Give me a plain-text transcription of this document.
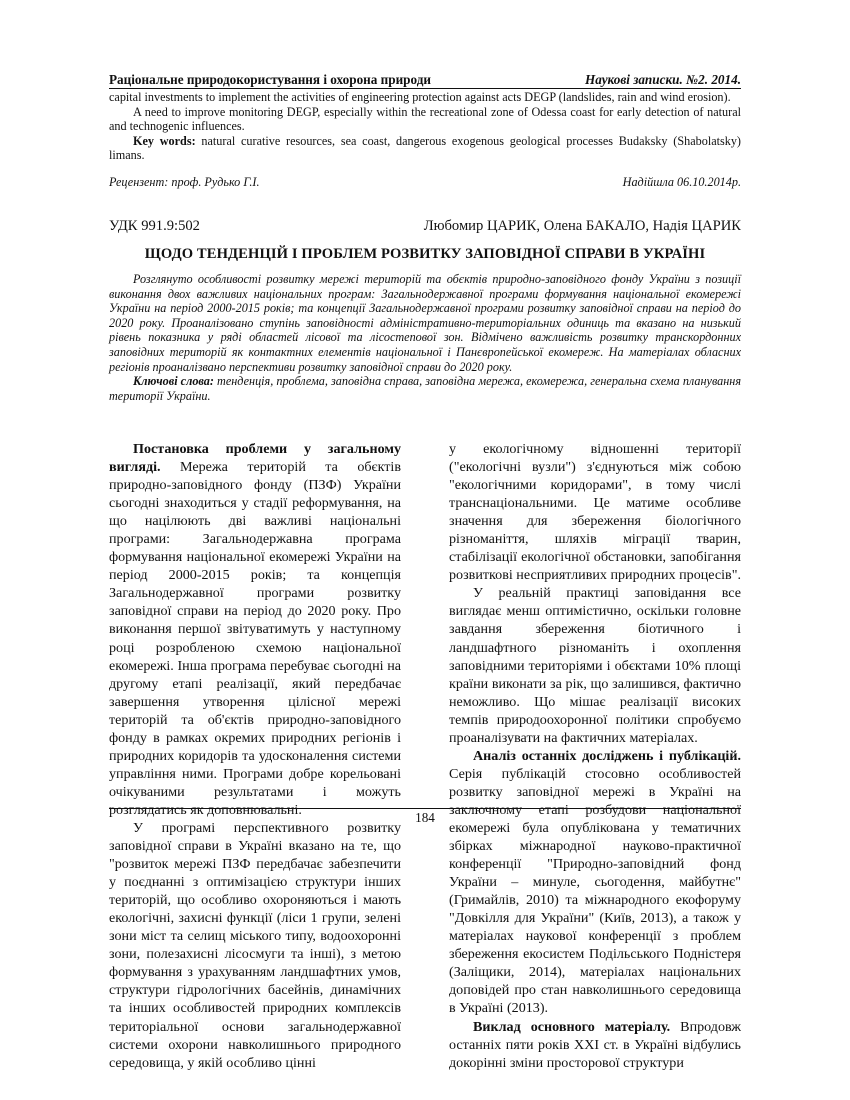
Раціональне природокористування і охорона природи	Наукові записки. №2. 2014.

capital investments to implement the activities of engineering protection against acts DEGP (landslides, rain and wind erosion).

A need to improve monitoring DEGP, especially within the recreational zone of Odessa coast for early detection of natural and technogenic influences.

Key words: natural curative resources, sea coast, dangerous exogenous geological processes Budaksky (Shabolatsky) limans.

Рецензент: проф. Рудько Г.І.	Надійшла 06.10.2014р.
УДК 991.9:502	Любомир ЦАРИК, Олена БАКАЛО, Надія ЦАРИК
ЩОДО ТЕНДЕНЦІЙ І ПРОБЛЕМ РОЗВИТКУ ЗАПОВІДНОЇ СПРАВИ В УКРАЇНІ

Розглянуто особливості розвитку мережі територій та обєктів природно-заповідного фонду України з позиції виконання двох важливих національних програм: Загальнодержавної програми формування національної екомережі України на період 2000-2015 років; та концепції Загальнодержавної програми розвитку заповідної справи на період до 2020 року. Проаналізовано ступінь заповідності адміністративно-територіальних одиниць та вказано на низький рівень показника у ряді областей лісової та лісостепової зон. Відмічено важливість розвитку транскордонних заповідних територій як контактних елементів національної і Панєвропейської екомереж. На матеріалах обласних регіонів проаналізвано перспективи розвитку заповідної справи до 2020 року.

Ключові слова: тенденція, проблема, заповідна справа, заповідна мережа, екомережа, генеральна схема планування території України.

Постановка проблеми у загальному вигляді. Мережа територій та обєктів природно-заповідного фонду (ПЗФ) України сьогодні знаходиться у стадії реформування, на що націлюють дві важливі національні програми: Загальнодержавна програма формування національної екомережі України на період 2000-2015 років; та концепція Загальнодержавної програми розвитку заповідної справи на період до 2020 року. Про виконання першої звітуватимуть у наступному році розробленою схемою національної екомережі. Інша програма перебуває сьогодні на другому етапі реалізації, який передбачає завершення утворення цілісної мережі територій та об'єктів природно-заповідного фонду в рамках окремих природних регіонів і природних коридорів та удосконалення системи управління ними. Програми добре корельовані очікуваними результатами і можуть розглядатись як доповнювальні.

У програмі перспективного розвитку заповідної справи в Україні вказано на те, що "розвиток мережі ПЗФ передбачає забезпечити у поєднанні з оптимізацією структури інших територій, що особливо охороняються і мають екологічні, захисні функції (ліси 1 групи, зелені зони міст та селищ міського типу, водоохоронні зони, полезахисні лісосмуги та інші), з метою формування з урахуванням ландшафтних умов, структури гідрологічних басейнів, динамічних та інших особливостей природних комплексів територіальної основи загальнодержавної системи охорони навколишнього природного середовища, у якій особливо цінні

у екологічному відношенні території ("екологічні вузли") з'єднуються між собою "екологічними коридорами", в тому числі транснаціональними. Це матиме особливе значення для збереження біологічного різноманіття, шляхів міграції тварин, стабілізації екологічної обстановки, запобігання розвиткові несприятливих природних процесів".

У реальній практиці заповідання все виглядає менш оптимістично, оскільки головне завдання збереження біотичного і ландшафтного різноманіть і охоплення заповідними територіями і обєктами 10% площі країни виконати за рік, що залишився, фактично неможливо. Що мішає реалізації високих темпів природоохоронної політики спробуємо проаналізувати на фактичних матеріалах.

Аналіз останніх досліджень і публікацій. Серія публікацій стосовно особливостей розвитку заповідної мережі в Україні на заключному етапі розбудови національної екомережі була опублікована у тематичних збірках міжнародної науково-практичної конференції "Природно-заповідний фонд України – минуле, сьогодення, майбутнє" (Гримайлів, 2010) та міжнародного екофоруму "Довкілля для України" (Київ, 2013), а також у матеріалах наукової конференції з проблем збереження екосистем Подільського Поднiстеря (Заліщики, 2014), матеріалах національних доповідей про стан навколишнього середовища в Україні (2013).

Виклад основного матеріалу. Впродовж останніх пяти років ХХІ ст. в Україні відбулись докорінні зміни просторової структури

184
